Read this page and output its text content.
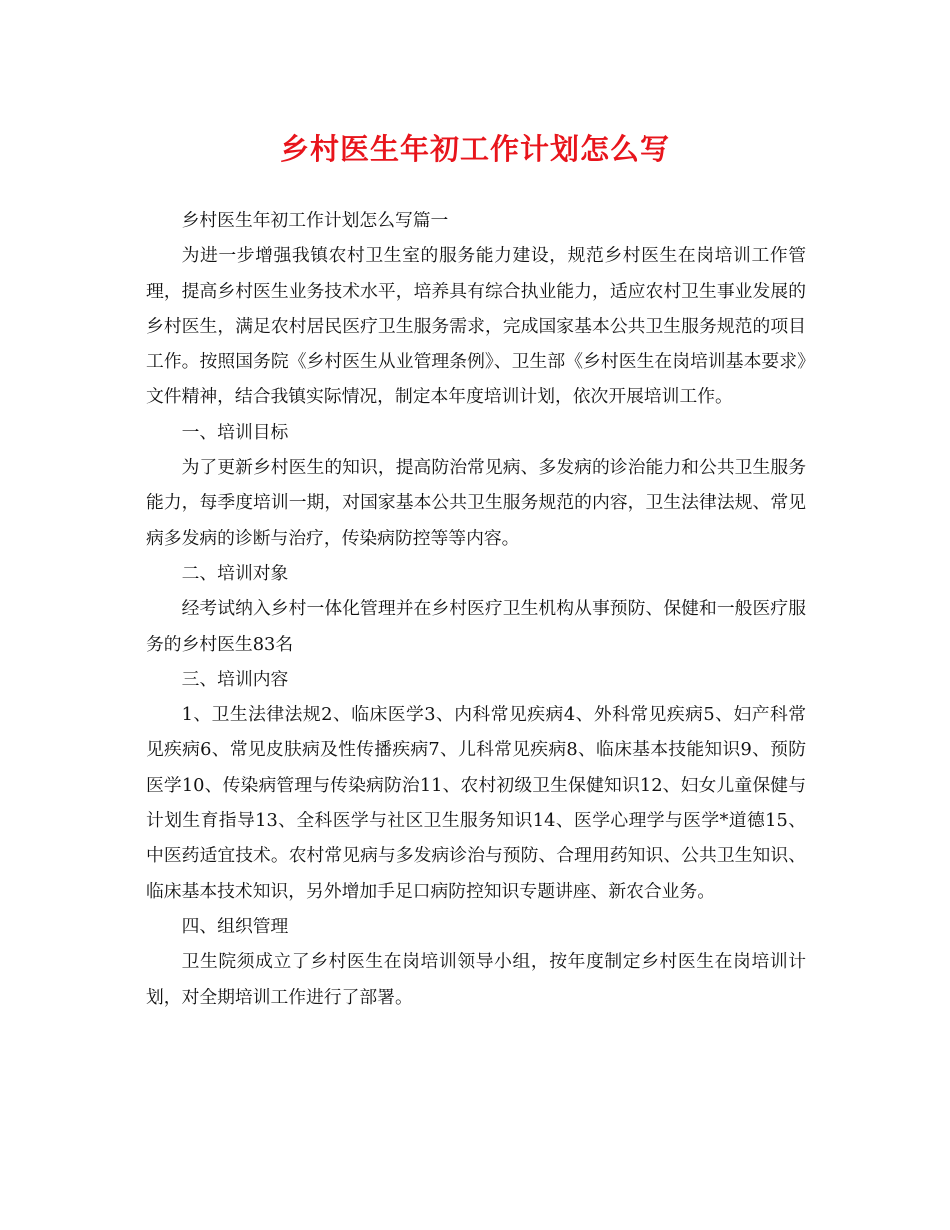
乡村医生年初工作计划怎么写

乡村医生年初工作计划怎么写篇一

为进一步增强我镇农村卫生室的服务能力建设，规范乡村医生在岗培训工作管理，提高乡村医生业务技术水平，培养具有综合执业能力，适应农村卫生事业发展的乡村医生，满足农村居民医疗卫生服务需求，完成国家基本公共卫生服务规范的项目工作。按照国务院《乡村医生从业管理条例》、卫生部《乡村医生在岗培训基本要求》文件精神，结合我镇实际情况，制定本年度培训计划，依次开展培训工作。

一、培训目标

为了更新乡村医生的知识，提高防治常见病、多发病的诊治能力和公共卫生服务能力，每季度培训一期，对国家基本公共卫生服务规范的内容，卫生法律法规、常见病多发病的诊断与治疗，传染病防控等等内容。

二、培训对象

经考试纳入乡村一体化管理并在乡村医疗卫生机构从事预防、保健和一般医疗服务的乡村医生83名

三、培训内容

1、卫生法律法规2、临床医学3、内科常见疾病4、外科常见疾病5、妇产科常见疾病6、常见皮肤病及性传播疾病7、儿科常见疾病8、临床基本技能知识9、预防医学10、传染病管理与传染病防治11、农村初级卫生保健知识12、妇女儿童保健与计划生育指导13、全科医学与社区卫生服务知识14、医学心理学与医学*道德15、中医药适宜技术。农村常见病与多发病诊治与预防、合理用药知识、公共卫生知识、临床基本技术知识，另外增加手足口病防控知识专题讲座、新农合业务。

四、组织管理

卫生院须成立了乡村医生在岗培训领导小组，按年度制定乡村医生在岗培训计划，对全期培训工作进行了部署。
